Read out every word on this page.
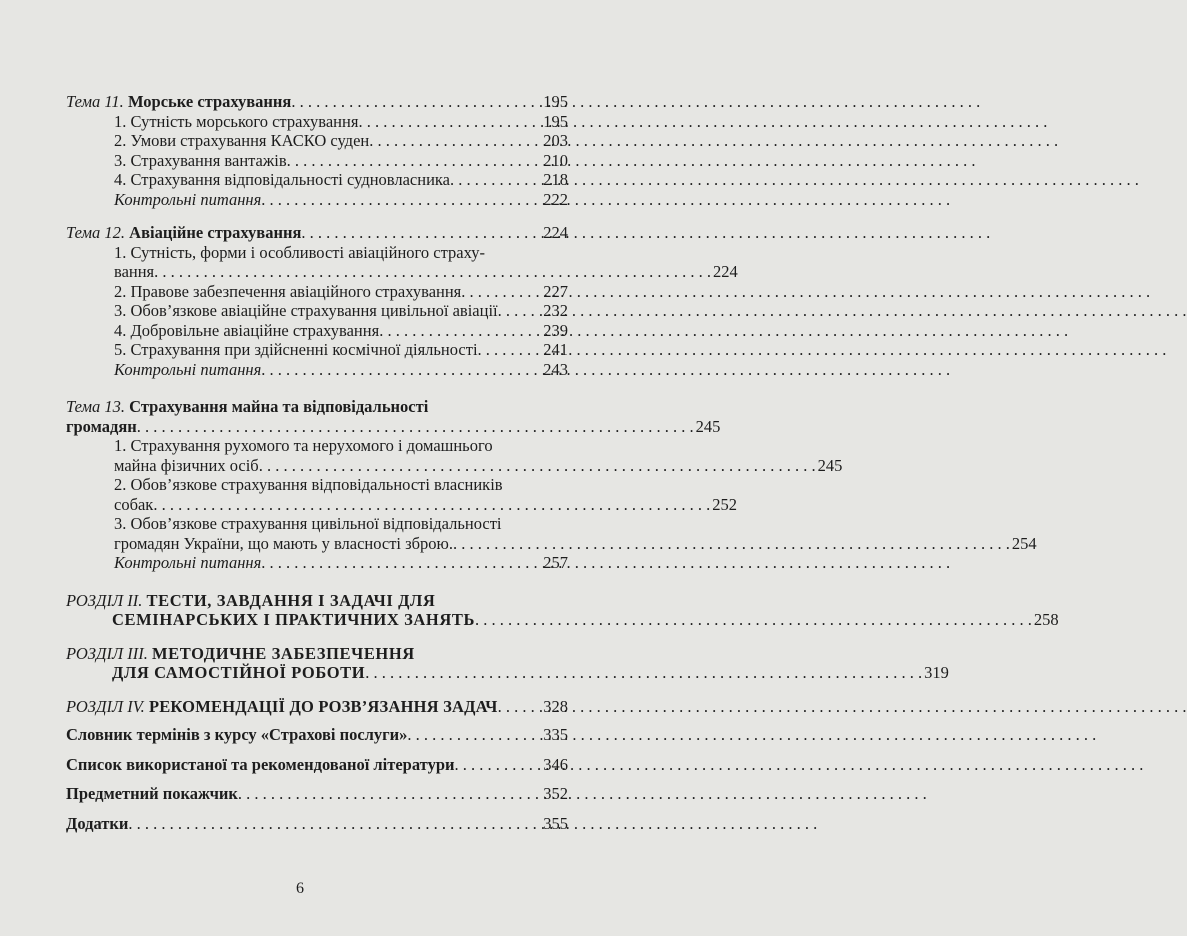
Тема 11. Морське страхування . . .	195
1. Сутність морського страхування . . .	195
2. Умови страхування КАСКО суден . . .	203
3. Страхування вантажів . . .	210
4. Страхування відповідальності судновласника . . .	218
Контрольні питання . . .	222
Тема 12. Авіаційне страхування . . .	224
1. Сутність, форми і особливості авіаційного страху-
вання . . . . . . . . . . . . . . . . . . . . . . . . . . . . . . . . . . . . . . . . . . . . . . . . . . . . . . . . . . . . . . . . . . . . 224
2. Правове забезпечення авіаційного страхування . . .	227
3. Обов’язкове авіаційне страхування цивільної авіації . . .	232
4. Добровільне авіаційне страхування . . .	239
5. Страхування при здійсненні космічної діяльності . . .	241
Контрольні питання . . .	243
Тема 13. Страхування майна та відповідальності
громадян . . . . . . . . . . . . . . . . . . . . . . . . . . . . . . . . . . . . . . . . . . . . . . . . . . . . . . . . . . . . . . . . . . . . 245
1. Страхування рухомого та нерухомого і домашнього
майна фізичних осіб . . . . . . . . . . . . . . . . . . . . . . . . . . . . . . . . . . . . . . . . . . . . . . . . . . . . . . . . . . . . . . . . . . . . 245
2. Обов’язкове страхування відповідальності власників
собак . . . . . . . . . . . . . . . . . . . . . . . . . . . . . . . . . . . . . . . . . . . . . . . . . . . . . . . . . . . . . . . . . . . . 252
3. Обов’язкове страхування цивільної відповідальності
громадян України, що мають у власності зброю. . . . . . . . . . . . . . . . . . . . . . . . . . . . . . . . . . . . . . . . . . . . . . . . . . . . . . . . . . . . . . . . . . . . . 254
Контрольні питання . . .	257
РОЗДІЛ ІІ. ТЕСТИ, ЗАВДАННЯ І ЗАДАЧІ ДЛЯ
СЕМІНАРСЬКИХ І ПРАКТИЧНИХ ЗАНЯТЬ . . . . . . . . . . . . . . . . . . . . . . . . . . . . . . . . . . . . . . . . . . . . . . . . . . . . . . . . . . . . . . . . . . . . 258
РОЗДІЛ ІІІ. МЕТОДИЧНЕ ЗАБЕЗПЕЧЕННЯ
ДЛЯ САМОСТІЙНОЇ РОБОТИ . . . . . . . . . . . . . . . . . . . . . . . . . . . . . . . . . . . . . . . . . . . . . . . . . . . . . . . . . . . . . . . . . . . . 319
РОЗДІЛ IV. РЕКОМЕНДАЦІЇ ДО РОЗВ’ЯЗАННЯ ЗАДАЧ . . .	328
Словник термінів з курсу «Страхові послуги» . . .	335
Список використаної та рекомендованої літератури . . .	346
Предметний покажчик . . .	352
Додатки . . .	355
6
